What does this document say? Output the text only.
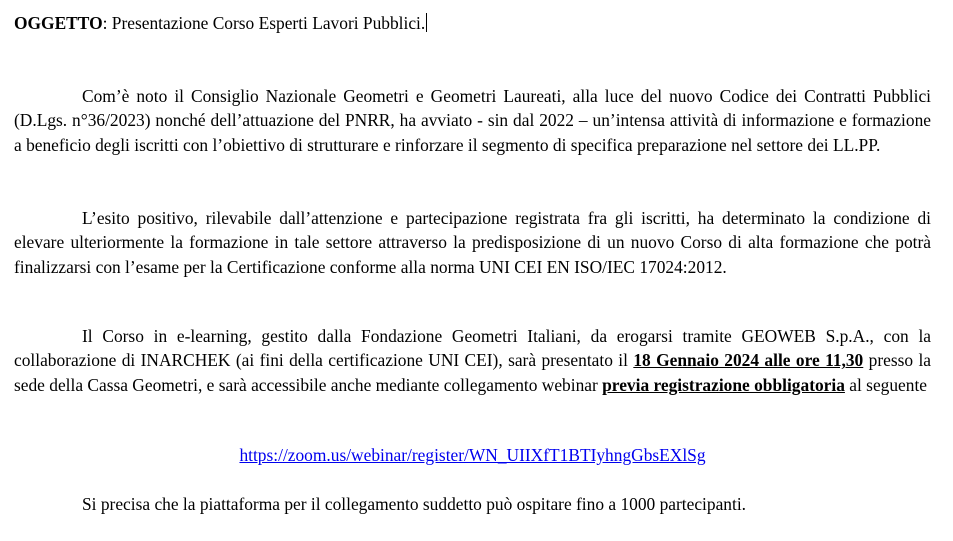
OGGETTO: Presentazione Corso Esperti Lavori Pubblici.

Com’è noto il Consiglio Nazionale Geometri e Geometri Laureati, alla luce del nuovo Codice dei Contratti Pubblici (D.Lgs. n°36/2023) nonché dell’attuazione del PNRR, ha avviato - sin dal 2022 – un’intensa attività di informazione e formazione a beneficio degli iscritti con l’obiettivo di strutturare e rinforzare il segmento di specifica preparazione nel settore dei LL.PP.

L’esito positivo, rilevabile dall’attenzione e partecipazione registrata fra gli iscritti, ha determinato la condizione di elevare ulteriormente la formazione in tale settore attraverso la predisposizione di un nuovo Corso di alta formazione che potrà finalizzarsi con l’esame per la Certificazione conforme alla norma UNI CEI EN ISO/IEC 17024:2012.

Il Corso in e-learning, gestito dalla Fondazione Geometri Italiani, da erogarsi tramite GEOWEB S.p.A., con la collaborazione di INARCHEK (ai fini della certificazione UNI CEI), sarà presentato il 18 Gennaio 2024 alle ore 11,30 presso la sede della Cassa Geometri, e sarà accessibile anche mediante collegamento webinar previa registrazione obbligatoria al seguente

https://zoom.us/webinar/register/WN_UIIXfT1BTIyhngGbsEXlSg
Si precisa che la piattaforma per il collegamento suddetto può ospitare fino a 1000 partecipanti.
